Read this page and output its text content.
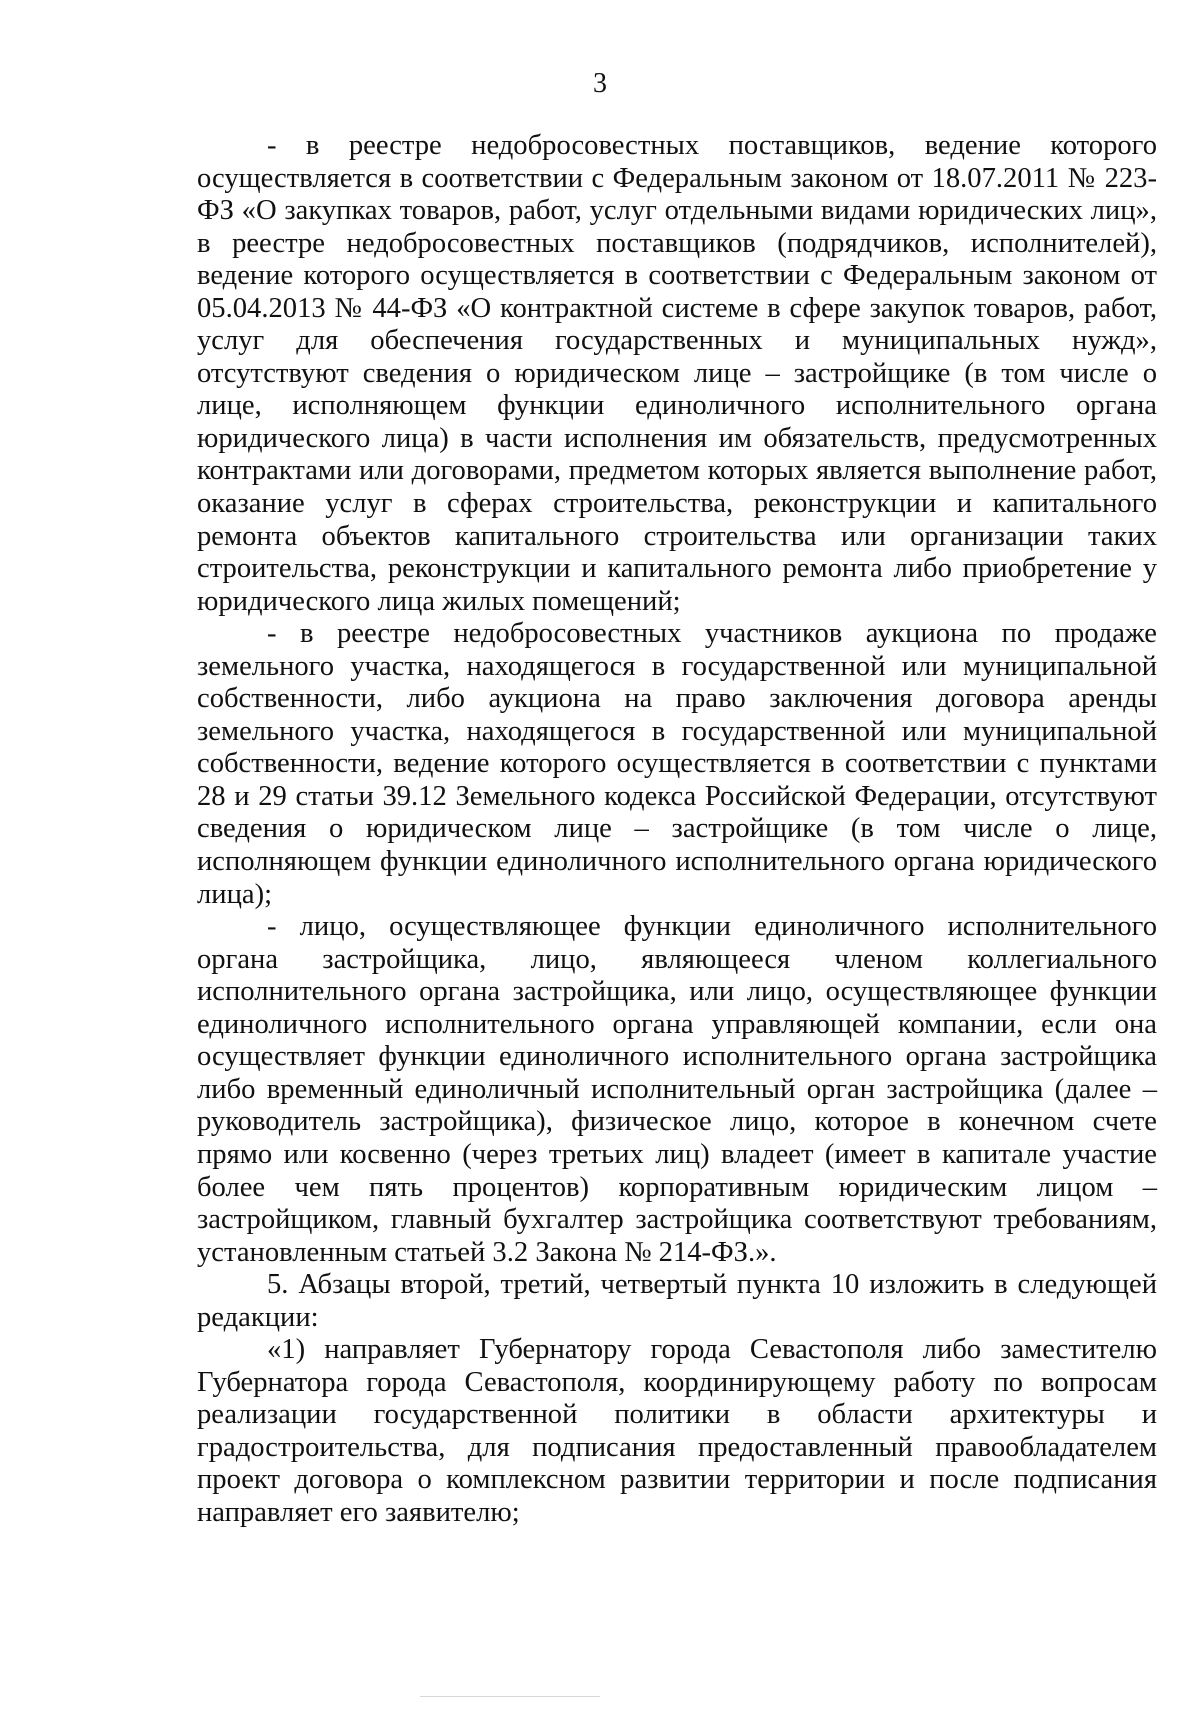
3

- в реестре недобросовестных поставщиков, ведение которого осуществляется в соответствии с Федеральным законом от 18.07.2011 № 223-ФЗ «О закупках товаров, работ, услуг отдельными видами юридических лиц», в реестре недобросовестных поставщиков (подрядчиков, исполнителей), ведение которого осуществляется в соответствии с Федеральным законом от 05.04.2013 № 44-ФЗ «О контрактной системе в сфере закупок товаров, работ, услуг для обеспечения государственных и муниципальных нужд», отсутствуют сведения о юридическом лице – застройщике (в том числе о лице, исполняющем функции единоличного исполнительного органа юридического лица) в части исполнения им обязательств, предусмотренных контрактами или договорами, предметом которых является выполнение работ, оказание услуг в сферах строительства, реконструкции и капитального ремонта объектов капитального строительства или организации таких строительства, реконструкции и капитального ремонта либо приобретение у юридического лица жилых помещений;

- в реестре недобросовестных участников аукциона по продаже земельного участка, находящегося в государственной или муниципальной собственности, либо аукциона на право заключения договора аренды земельного участка, находящегося в государственной или муниципальной собственности, ведение которого осуществляется в соответствии с пунктами 28 и 29 статьи 39.12 Земельного кодекса Российской Федерации, отсутствуют сведения о юридическом лице – застройщике (в том числе о лице, исполняющем функции единоличного исполнительного органа юридического лица);

- лицо, осуществляющее функции единоличного исполнительного органа застройщика, лицо, являющееся членом коллегиального исполнительного органа застройщика, или лицо, осуществляющее функции единоличного исполнительного органа управляющей компании, если она осуществляет функции единоличного исполнительного органа застройщика либо временный единоличный исполнительный орган застройщика (далее – руководитель застройщика), физическое лицо, которое в конечном счете прямо или косвенно (через третьих лиц) владеет (имеет в капитале участие более чем пять процентов) корпоративным юридическим лицом – застройщиком, главный бухгалтер застройщика соответствуют требованиям, установленным статьей 3.2 Закона № 214-ФЗ.».

5. Абзацы второй, третий, четвертый пункта 10 изложить в следующей редакции:

«1) направляет Губернатору города Севастополя либо заместителю Губернатора города Севастополя, координирующему работу по вопросам реализации государственной политики в области архитектуры и градостроительства, для подписания предоставленный правообладателем проект договора о комплексном развитии территории и после подписания направляет его заявителю;
